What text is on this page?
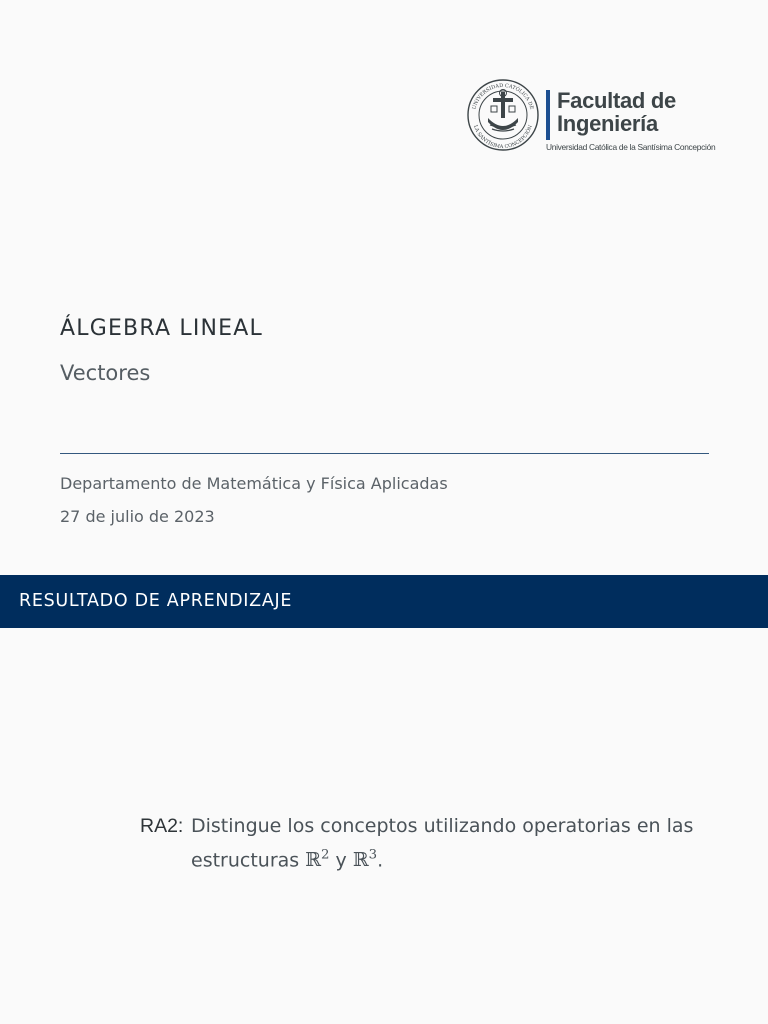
UNIVERSIDAD CATÓLICA DE
LA SANTÍSIMA CONCEPCIÓN
Facultad de
Ingeniería
Universidad Católica de la Santísima Concepción
ÁLGEBRA LINEAL
Vectores
Departamento de Matemática y Física Aplicadas
27 de julio de 2023
RESULTADO DE APRENDIZAJE
RA2: Distingue los conceptos utilizando operatorias en las estructuras ℝ$^2$ y ℝ$^3$.
